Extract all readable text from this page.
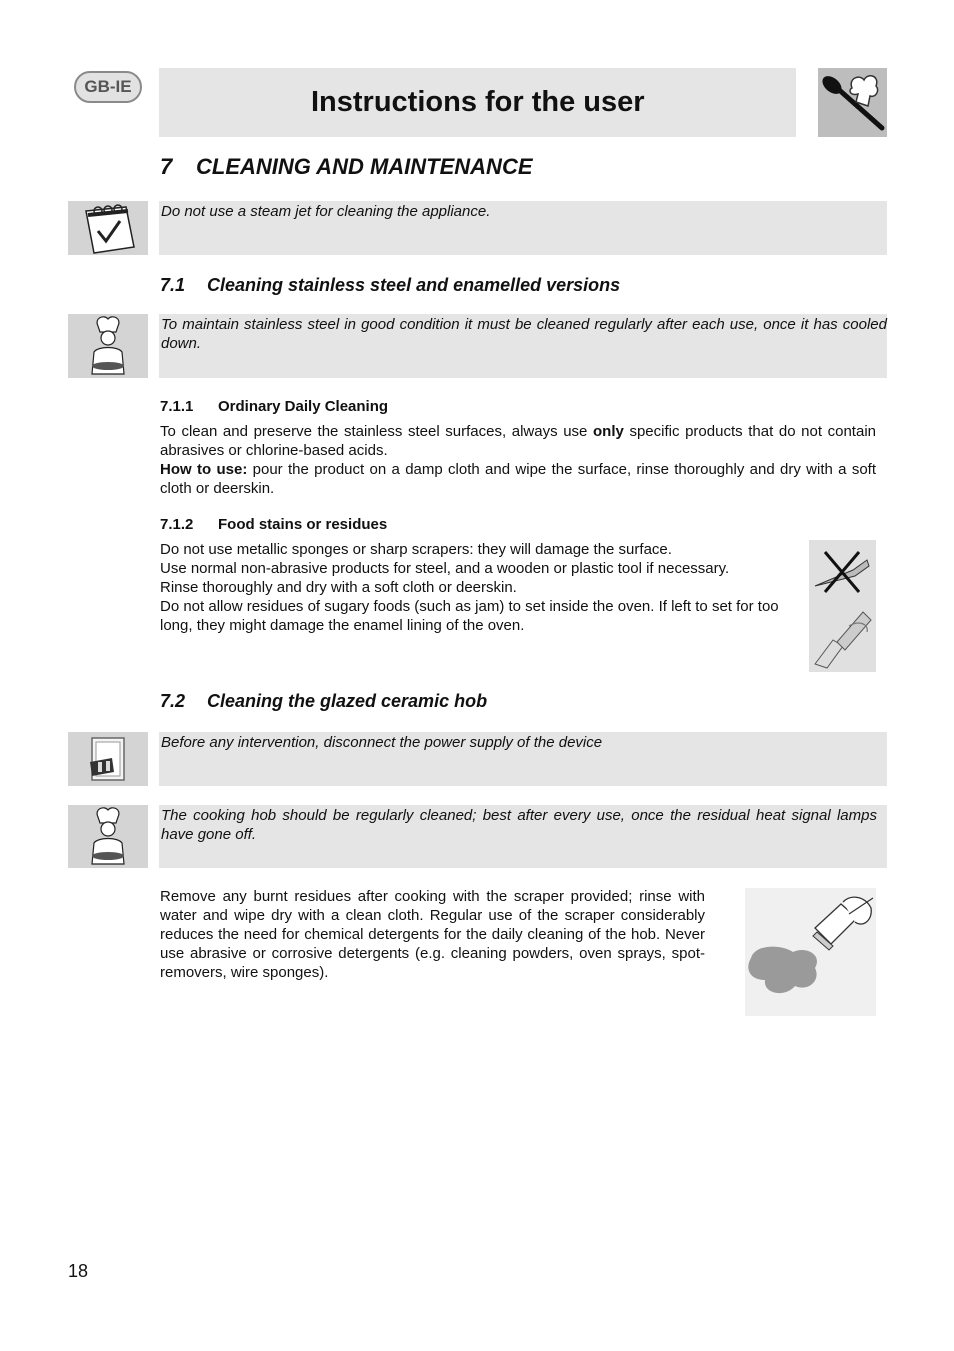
GB-IE	Instructions for the user
7 CLEANING AND MAINTENANCE

Do not use a steam jet for cleaning the appliance.

7.1 Cleaning stainless steel and enamelled versions

To maintain stainless steel in good condition it must be cleaned regularly after each use, once it has cooled down.

7.1.1 Ordinary Daily Cleaning

To clean and preserve the stainless steel surfaces, always use only specific products that do not contain abrasives or chlorine-based acids.

How to use: pour the product on a damp cloth and wipe the surface, rinse thoroughly and dry with a soft cloth or deerskin.

7.1.2 Food stains or residues

Do not use metallic sponges or sharp scrapers: they will damage the surface.

Use normal non-abrasive products for steel, and a wooden or plastic tool if necessary.

Rinse thoroughly and dry with a soft cloth or deerskin.

Do not allow residues of sugary foods (such as jam) to set inside the oven. If left to set for too long, they might damage the enamel lining of the oven.

7.2 Cleaning the glazed ceramic hob

Before any intervention, disconnect the power supply of the device

The cooking hob should be regularly cleaned; best after every use, once the residual heat signal lamps have gone off.

Remove any burnt residues after cooking with the scraper provided; rinse with water and wipe dry with a clean cloth. Regular use of the scraper considerably reduces the need for chemical detergents for the daily cleaning of the hob. Never use abrasive or corrosive detergents (e.g. cleaning powders, oven sprays, spot-removers, wire sponges).

18
